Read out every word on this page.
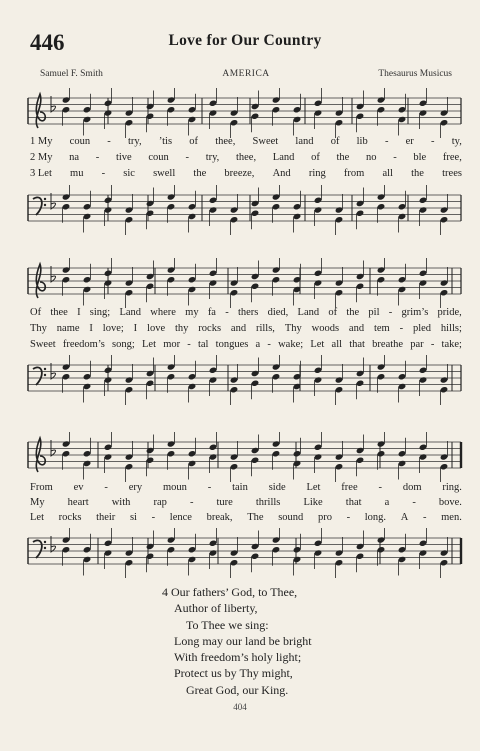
446	Love for Our Country
Samuel F. Smith	AMERICA	Thesaurus Musicus
1 My coun - try, ’tis of thee, Sweet land of lib - er - ty,
2 My na - tive coun - try, thee, Land of the no - ble free,
3 Let mu - sic swell the breeze, And ring from all the trees
Of thee I sing; Land where my fa - thers died, Land of the pil - grim’s pride,
Thy name I love; I love thy rocks and rills, Thy woods and tem - pled hills;
Sweet freedom’s song; Let mor - tal tongues a - wake; Let all that breathe par - take;
From ev - ery moun - tain side Let free - dom ring.
My heart with rap - ture thrills Like that a - bove.
Let rocks their si - lence break, The sound pro - long. A - men.
4 Our fathers’ God, to Thee,
Author of liberty,
To Thee we sing:
Long may our land be bright
With freedom’s holy light;
Protect us by Thy might,
Great God, our King.
404
